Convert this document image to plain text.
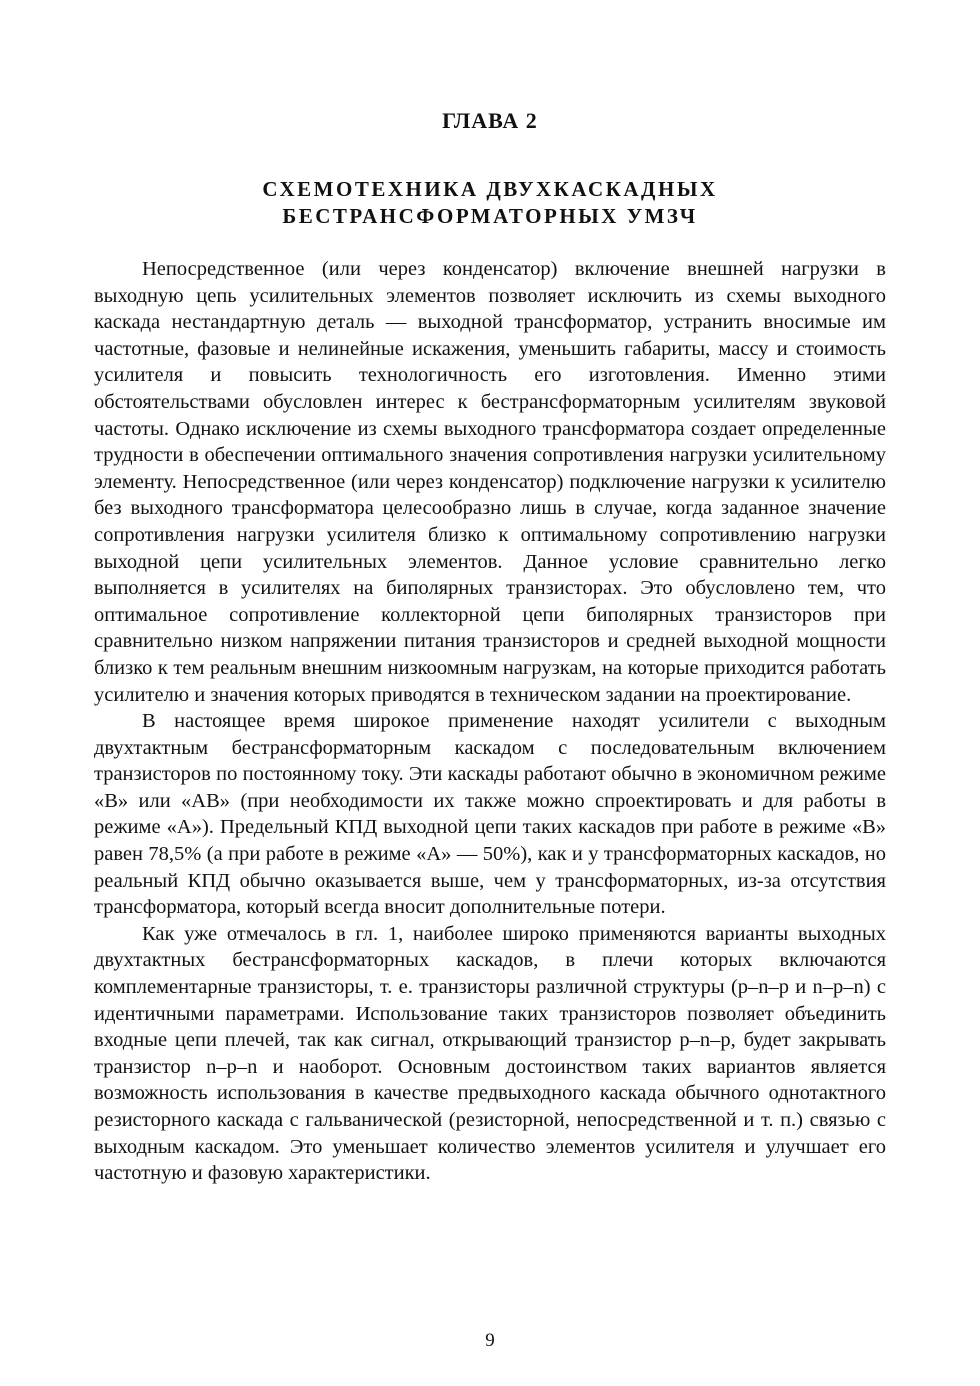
ГЛАВА 2
СХЕМОТЕХНИКА ДВУХКАСКАДНЫХ
БЕСТРАНСФОРМАТОРНЫХ УМЗЧ

Непосредственное (или через конденсатор) включение внешней нагрузки в выходную цепь усилительных элементов позволяет исключить из схемы выходного каскада нестандартную деталь — выходной трансформатор, устранить вносимые им частотные, фазовые и нелинейные искажения, уменьшить габариты, массу и стоимость усилителя и повысить технологичность его изготовления. Именно этими обстоятельствами обусловлен интерес к бестрансформаторным усилителям звуковой частоты. Однако исключение из схемы выходного трансформатора создает определенные трудности в обеспечении оптимального значения сопротивления нагрузки усилительному элементу. Непосредственное (или через конденсатор) подключение нагрузки к усилителю без выходного трансформатора целесообразно лишь в случае, когда заданное значение сопротивления нагрузки усилителя близко к оптимальному сопротивлению нагрузки выходной цепи усилительных элементов. Данное условие сравнительно легко выполняется в усилителях на биполярных транзисторах. Это обусловлено тем, что оптимальное сопротивление коллекторной цепи биполярных транзисторов при сравнительно низком напряжении питания транзисторов и средней выходной мощности близко к тем реальным внешним низкоомным нагрузкам, на которые приходится работать усилителю и значения которых приводятся в техническом задании на проектирование.

В настоящее время широкое применение находят усилители с выходным двухтактным бестрансформаторным каскадом с последовательным включением транзисторов по постоянному току. Эти каскады работают обычно в экономичном режиме «В» или «АВ» (при необходимости их также можно спроектировать и для работы в режиме «А»). Предельный КПД выходной цепи таких каскадов при работе в режиме «В» равен 78,5% (а при работе в режиме «А» — 50%), как и у трансформаторных каскадов, но реальный КПД обычно оказывается выше, чем у трансформаторных, из-за отсутствия трансформатора, который всегда вносит дополнительные потери.

Как уже отмечалось в гл. 1, наиболее широко применяются варианты выходных двухтактных бестрансформаторных каскадов, в плечи которых включаются комплементарные транзисторы, т. е. транзисторы различной структуры (p–n–p и n–p–n) с идентичными параметрами. Использование таких транзисторов позволяет объединить входные цепи плечей, так как сигнал, открывающий транзистор p–n–p, будет закрывать транзистор n–p–n и наоборот. Основным достоинством таких вариантов является возможность использования в качестве предвыходного каскада обычного однотактного резисторного каскада с гальванической (резисторной, непосредственной и т. п.) связью с выходным каскадом. Это уменьшает количество элементов усилителя и улучшает его частотную и фазовую характеристики.

9
